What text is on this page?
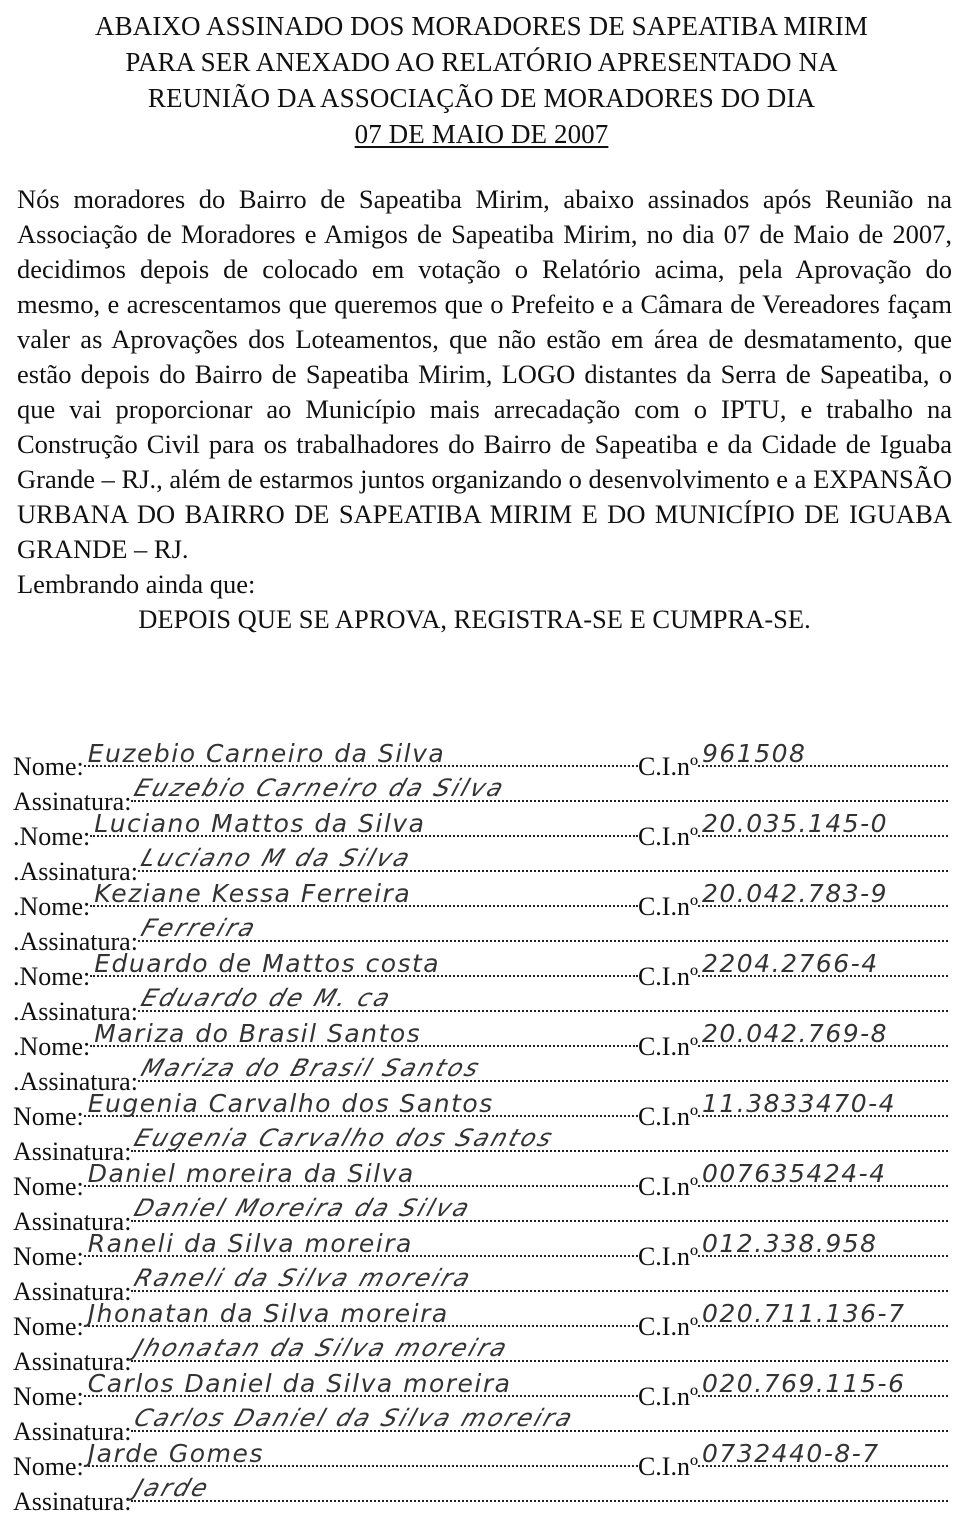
ABAIXO ASSINADO DOS MORADORES DE SAPEATIBA MIRIM
PARA SER ANEXADO AO RELATÓRIO APRESENTADO NA
REUNIÃO DA ASSOCIAÇÃO DE MORADORES DO DIA
07 DE MAIO DE 2007

Nós moradores do Bairro de Sapeatiba Mirim, abaixo assinados após Reunião na Associação de Moradores e Amigos de Sapeatiba Mirim, no dia 07 de Maio de 2007, decidimos depois de colocado em votação o Relatório acima, pela Aprovação do mesmo, e acrescentamos que queremos que o Prefeito e a Câmara de Vereadores façam valer as Aprovações dos Loteamentos, que não estão em área de desmatamento, que estão depois do Bairro de Sapeatiba Mirim, LOGO distantes da Serra de Sapeatiba, o que vai proporcionar ao Município mais arrecadação com o IPTU, e trabalho na Construção Civil para os trabalhadores do Bairro de Sapeatiba e da Cidade de Iguaba Grande – RJ., além de estarmos juntos organizando o desenvolvimento e a EXPANSÃO URBANA DO BAIRRO DE SAPEATIBA MIRIM E DO MUNICÍPIO DE IGUABA GRANDE – RJ.

Lembrando ainda que:

DEPOIS QUE SE APROVA, REGISTRA-SE E CUMPRA-SE.

Nome: Euzebio Carneiro da Silva	C.I.nº 961508
Assinatura: Euzebio Carneiro da Silva
.Nome: Luciano Mattos da Silva	C.I.nº 20.035.145-0
.Assinatura: Luciano M da Silva
.Nome: Keziane Kessa Ferreira	C.I.nº 20.042.783-9
.Assinatura: Ferreira
.Nome: Eduardo de Mattos costa	C.I.nº 2204.2766-4
.Assinatura: Eduardo de M. ca
.Nome: Mariza do Brasil Santos	C.I.nº 20.042.769-8
.Assinatura: Mariza do Brasil Santos
Nome: Eugenia Carvalho dos Santos	C.I.nº 11.3833470-4
Assinatura: Eugenia Carvalho dos Santos
Nome: Daniel moreira da Silva	C.I.nº 007635424-4
Assinatura: Daniel Moreira da Silva
Nome: Raneli da Silva moreira	C.I.nº 012.338.958
Assinatura: Raneli da Silva moreira
Nome: Jhonatan da Silva moreira	C.I.nº 020.711.136-7
Assinatura: Jhonatan da Silva moreira
Nome: Carlos Daniel da Silva moreira	C.I.nº 020.769.115-6
Assinatura: Carlos Daniel da Silva moreira
Nome: Jarde Gomes	C.I.nº 0732440-8-7
Assinatura: Jarde
